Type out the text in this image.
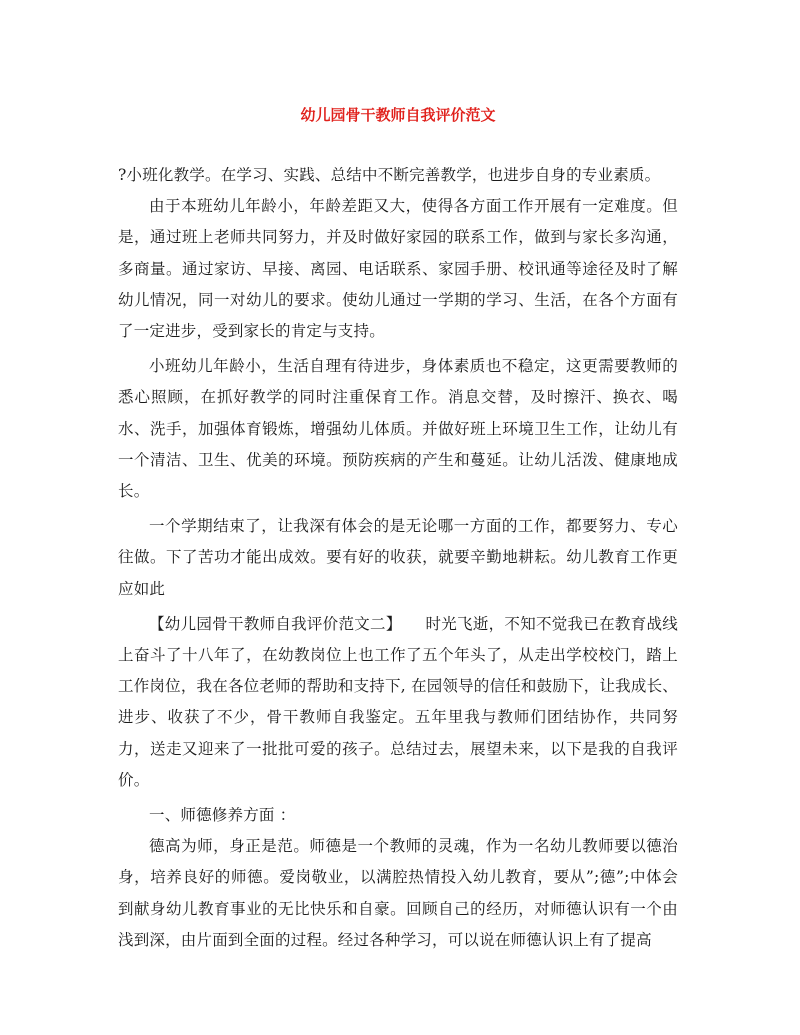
幼儿园骨干教师自我评价范文

?小班化教学。在学习、实践、总结中不断完善教学，也进步自身的专业素质。

由于本班幼儿年龄小，年龄差距又大，使得各方面工作开展有一定难度。但是，通过班上老师共同努力，并及时做好家园的联系工作，做到与家长多沟通，多商量。通过家访、早接、离园、电话联系、家园手册、校讯通等途径及时了解幼儿情况，同一对幼儿的要求。使幼儿通过一学期的学习、生活，在各个方面有了一定进步，受到家长的肯定与支持。

小班幼儿年龄小，生活自理有待进步，身体素质也不稳定，这更需要教师的悉心照顾，在抓好教学的同时注重保育工作。消息交替，及时擦汗、换衣、喝水、洗手，加强体育锻炼，增强幼儿体质。并做好班上环境卫生工作，让幼儿有一个清洁、卫生、优美的环境。预防疾病的产生和蔓延。让幼儿活泼、健康地成长。

一个学期结束了，让我深有体会的是无论哪一方面的工作，都要努力、专心往做。下了苦功才能出成效。要有好的收获，就要辛勤地耕耘。幼儿教育工作更应如此

【幼儿园骨干教师自我评价范文二】　　时光飞逝，不知不觉我已在教育战线上奋斗了十八年了，在幼教岗位上也工作了五个年头了，从走出学校校门，踏上工作岗位，我在各位老师的帮助和支持下, 在园领导的信任和鼓励下，让我成长、进步、收获了不少，骨干教师自我鉴定。五年里我与教师们团结协作，共同努力，送走又迎来了一批批可爱的孩子。总结过去，展望未来，以下是我的自我评价。

一、师德修养方面 ：

德高为师，身正是范。师德是一个教师的灵魂，作为一名幼儿教师要以德治身，培养良好的师德。爱岗敬业，以满腔热情投入幼儿教育，要从”;德”;中体会到献身幼儿教育事业的无比快乐和自豪。回顾自己的经历，对师德认识有一个由浅到深，由片面到全面的过程。经过各种学习，可以说在师德认识上有了提高
